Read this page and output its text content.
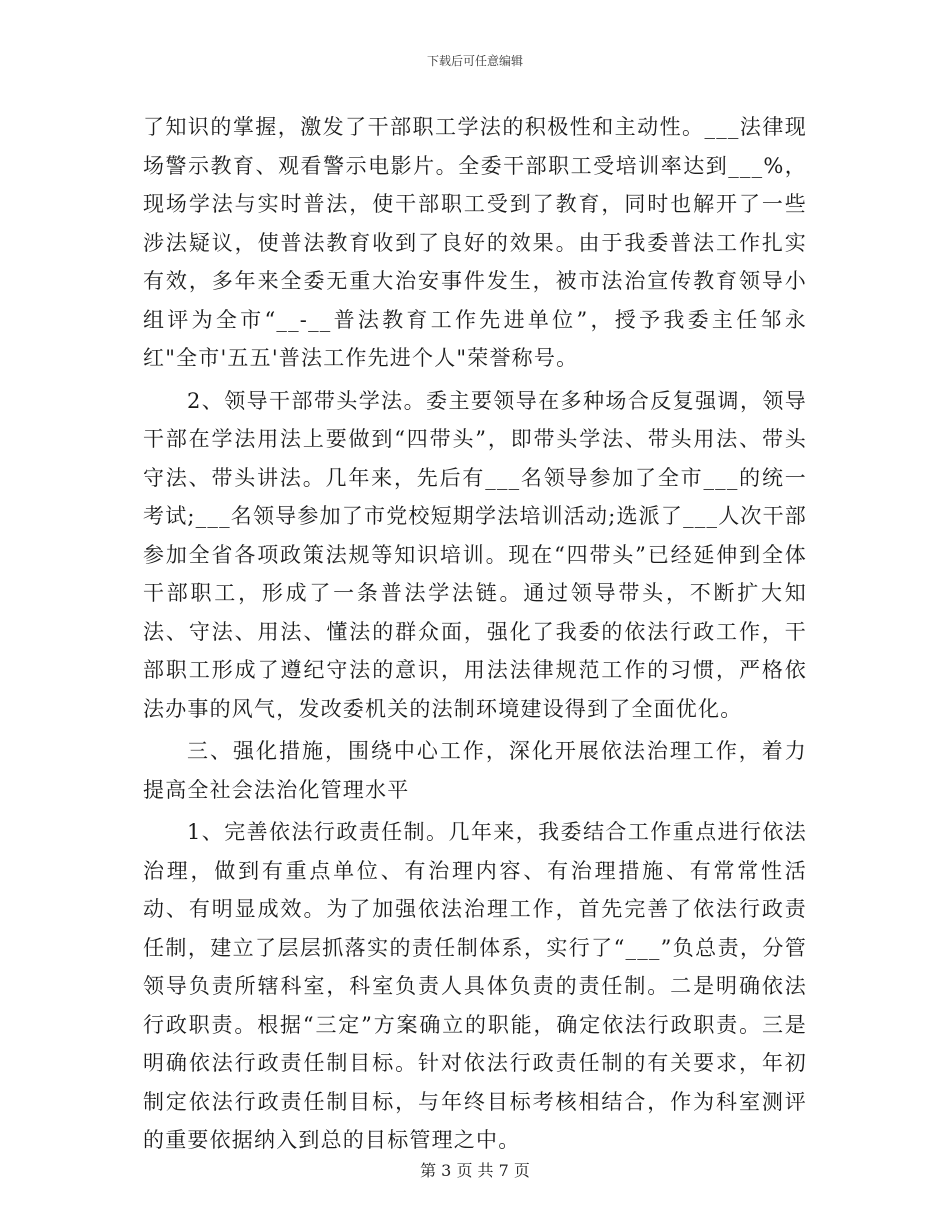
下载后可任意编辑

了知识的掌握，激发了干部职工学法的积极性和主动性。___法律现场警示教育、观看警示电影片。全委干部职工受培训率达到___%，现场学法与实时普法，使干部职工受到了教育，同时也解开了一些涉法疑议，使普法教育收到了良好的效果。由于我委普法工作扎实有效，多年来全委无重大治安事件发生，被市法治宣传教育领导小组评为全市“__-__普法教育工作先进单位”，授予我委主任邹永红"全市'五五'普法工作先进个人"荣誉称号。

2、领导干部带头学法。委主要领导在多种场合反复强调，领导干部在学法用法上要做到“四带头”，即带头学法、带头用法、带头守法、带头讲法。几年来，先后有___名领导参加了全市___的统一考试;___名领导参加了市党校短期学法培训活动;选派了___人次干部参加全省各项政策法规等知识培训。现在“四带头”已经延伸到全体干部职工，形成了一条普法学法链。通过领导带头，不断扩大知法、守法、用法、懂法的群众面，强化了我委的依法行政工作，干部职工形成了遵纪守法的意识，用法法律规范工作的习惯，严格依法办事的风气，发改委机关的法制环境建设得到了全面优化。

三、强化措施，围绕中心工作，深化开展依法治理工作，着力提高全社会法治化管理水平

1、完善依法行政责任制。几年来，我委结合工作重点进行依法治理，做到有重点单位、有治理内容、有治理措施、有常常性活动、有明显成效。为了加强依法治理工作，首先完善了依法行政责任制，建立了层层抓落实的责任制体系，实行了“___”负总责，分管领导负责所辖科室，科室负责人具体负责的责任制。二是明确依法行政职责。根据“三定”方案确立的职能，确定依法行政职责。三是明确依法行政责任制目标。针对依法行政责任制的有关要求，年初制定依法行政责任制目标，与年终目标考核相结合，作为科室测评的重要依据纳入到总的目标管理之中。

第 3 页 共 7 页
